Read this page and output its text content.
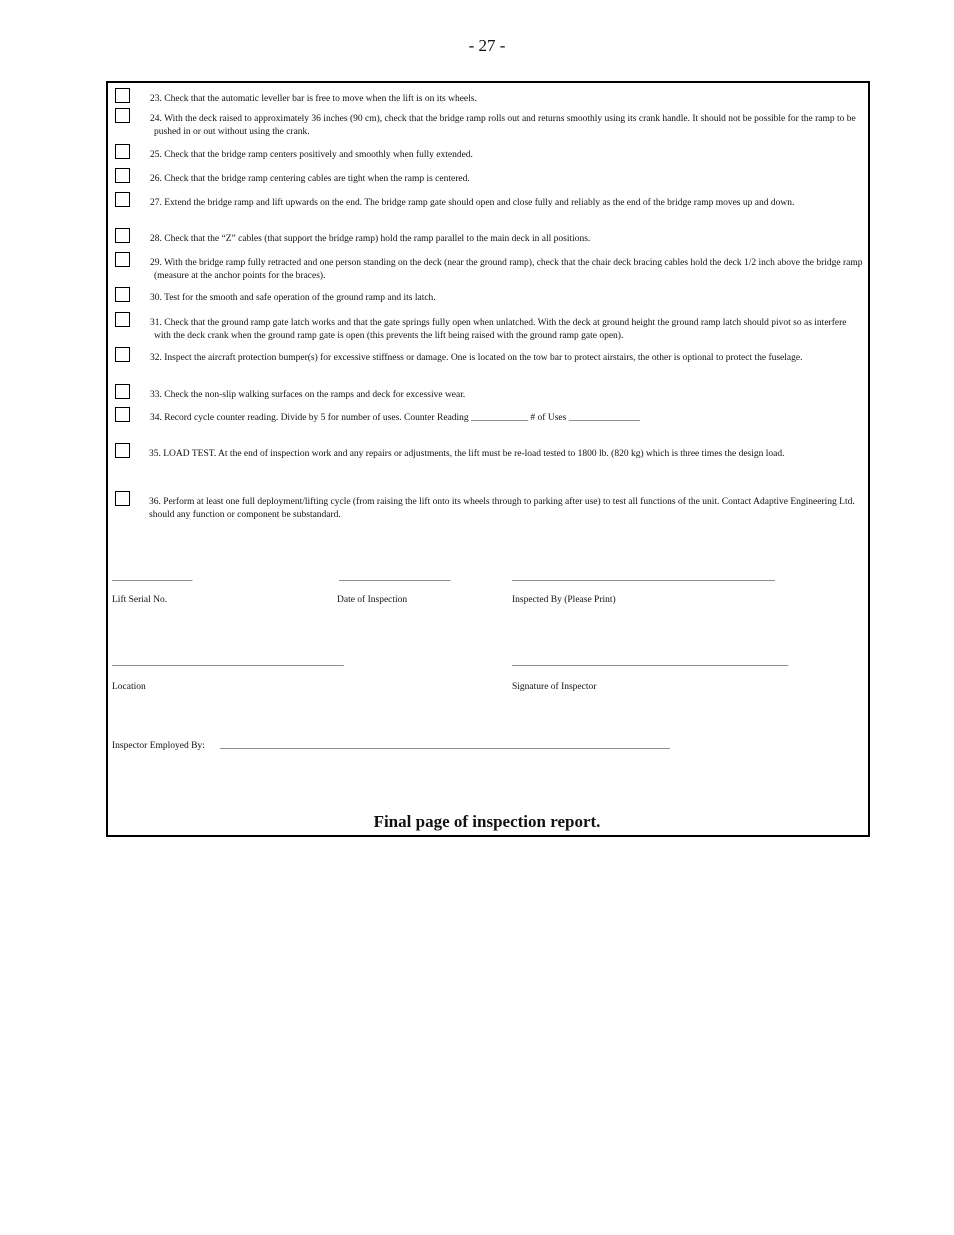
- 27 -
23. Check that the automatic leveller bar is free to move when the lift is on its wheels.
24. With the deck raised to approximately 36 inches (90 cm), check that the bridge ramp rolls out and returns smoothly using its crank handle. It should not be possible for the ramp to be pushed in or out without using the crank.
25. Check that the bridge ramp centers positively and smoothly when fully extended.
26. Check that the bridge ramp centering cables are tight when the ramp is centered.
27. Extend the bridge ramp and lift upwards on the end. The bridge ramp gate should open and close fully and reliably as the end of the bridge ramp moves up and down.
28. Check that the “Z” cables (that support the bridge ramp) hold the ramp parallel to the main deck in all positions.
29. With the bridge ramp fully retracted and one person standing on the deck (near the ground ramp), check that the chair deck bracing cables hold the deck 1/2 inch above the bridge ramp (measure at the anchor points for the braces).
30. Test for the smooth and safe operation of the ground ramp and its latch.
31. Check that the ground ramp gate latch works and that the gate springs fully open when unlatched. With the deck at ground height the ground ramp latch should pivot so as interfere with the deck crank when the ground ramp gate is open (this prevents the lift being raised with the ground ramp gate open).
32. Inspect the aircraft protection bumper(s) for excessive stiffness or damage. One is located on the tow bar to protect airstairs, the other is optional to protect the fuselage.
33. Check the non-slip walking surfaces on the ramps and deck for excessive wear.
34. Record cycle counter reading. Divide by 5 for number of uses. Counter Reading ____________ # of Uses _______________
35. LOAD TEST. At the end of inspection work and any repairs or adjustments, the lift must be re-load tested to 1800 lb. (820 kg) which is three times the design load.
36. Perform at least one full deployment/lifting cycle (from raising the lift onto its wheels through to parking after use) to test all functions of the unit. Contact Adaptive Engineering Ltd. should any function or component be substandard.
__________________	_________________________	___________________________________________________________
Lift Serial No.	Date of Inspection	Inspected By (Please Print)
____________________________________________________	______________________________________________________________
Location	Signature of Inspector
Inspector Employed By: _____________________________________________________________________________________________________
Final page of inspection report.
